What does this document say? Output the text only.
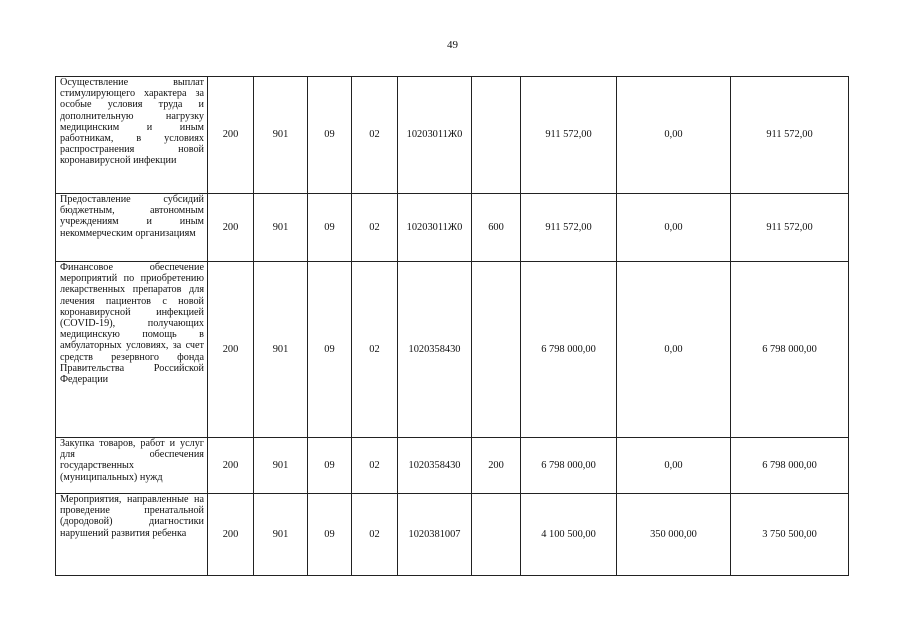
49
Осуществление выплат стимулирующего характера за особые условия труда и дополнительную нагрузку медицинским и иным работникам, в условиях распространения новой коронавирусной инфекции	200	901	09	02	10203011Ж0		911 572,00	0,00	911 572,00
Предоставление субсидий бюджетным, автономным учреждениям и иным некоммерческим организациям	200	901	09	02	10203011Ж0	600	911 572,00	0,00	911 572,00
Финансовое обеспечение мероприятий по приобретению лекарственных препаратов для лечения пациентов с новой коронавирусной инфекцией (COVID-19), получающих медицинскую помощь в амбулаторных условиях, за счет средств резервного фонда Правительства Российской Федерации	200	901	09	02	1020358430		6 798 000,00	0,00	6 798 000,00
Закупка товаров, работ и услуг для обеспечения государственных (муниципальных) нужд	200	901	09	02	1020358430	200	6 798 000,00	0,00	6 798 000,00
Мероприятия, направленные на проведение пренатальной (дородовой) диагностики нарушений развития ребенка	200	901	09	02	1020381007		4 100 500,00	350 000,00	3 750 500,00
